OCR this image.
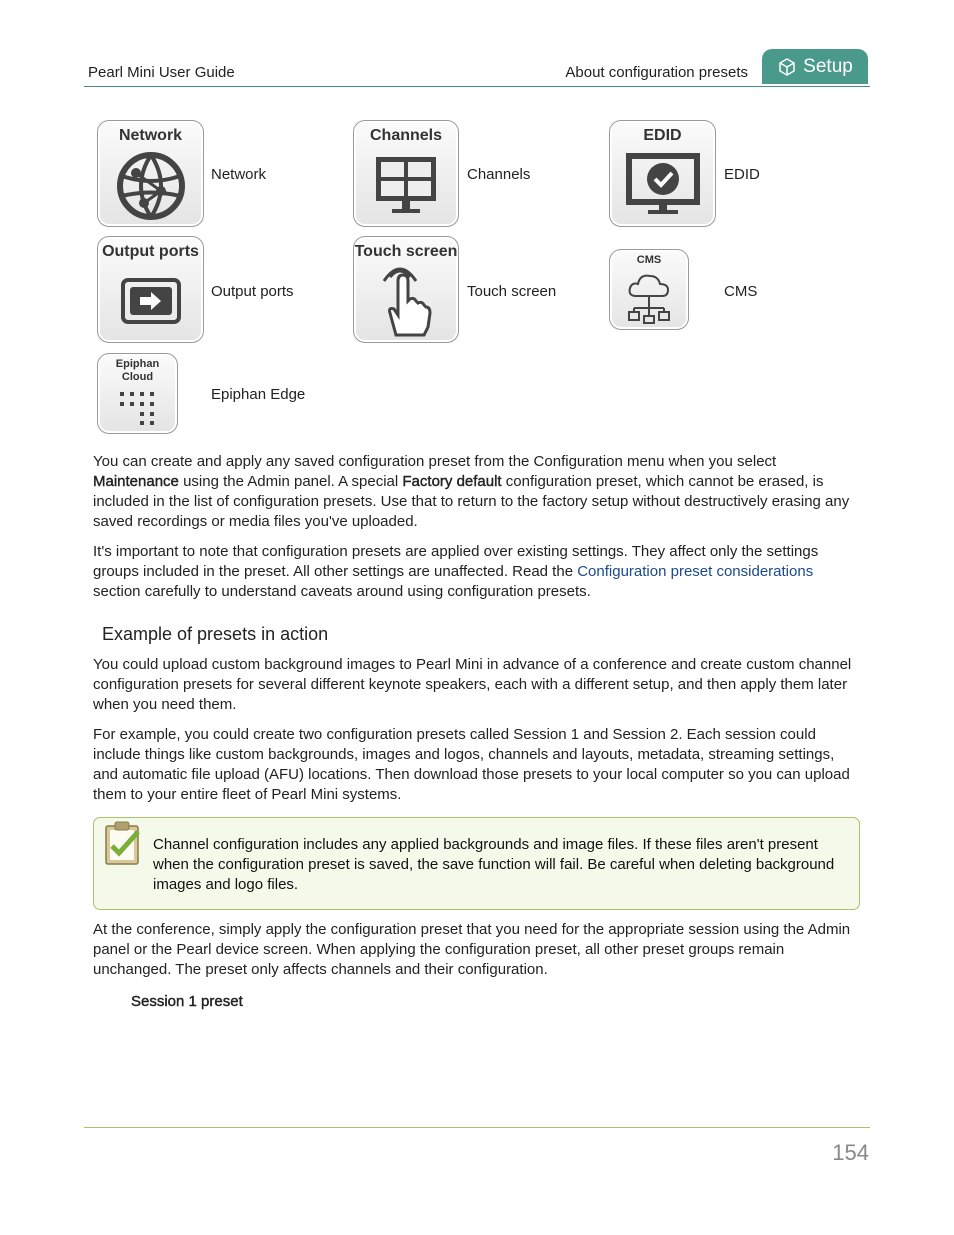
Pearl Mini User Guide	About configuration presets	Setup
Network
Network
Channels
Channels
EDID
EDID
Output ports
Output ports
Touch screen
Touch screen
CMS
CMS
Epiphan
Cloud
Epiphan Edge

You can create and apply any saved configuration preset from the Configuration menu when you select
Maintenance using the Admin panel. A special Factory default configuration preset, which cannot be erased, is included in the list of configuration presets. Use that to return to the factory setup without destructively erasing any saved recordings or media files you've uploaded.

It's important to note that configuration presets are applied over existing settings. They affect only the settings groups included in the preset. All other settings are unaffected. Read the Configuration preset considerations
section carefully to understand caveats around using configuration presets.

Example of presets in action

You could upload custom background images to Pearl Mini in advance of a conference and create custom channel configuration presets for several different keynote speakers, each with a different setup, and then apply them later when you need them.

For example, you could create two configuration presets called Session 1 and Session 2. Each session could include things like custom backgrounds, images and logos, channels and layouts, metadata, streaming settings, and automatic file upload (AFU) locations. Then download those presets to your local computer so you can upload them to your entire fleet of Pearl Mini systems.

Channel configuration includes any applied backgrounds and image files. If these files aren't present when the configuration preset is saved, the save function will fail. Be careful when deleting background images and logo files.

At the conference, simply apply the configuration preset that you need for the appropriate session using the Admin panel or the Pearl device screen. When applying the configuration preset, all other preset groups remain unchanged. The preset only affects channels and their configuration.

Session 1 preset
154
